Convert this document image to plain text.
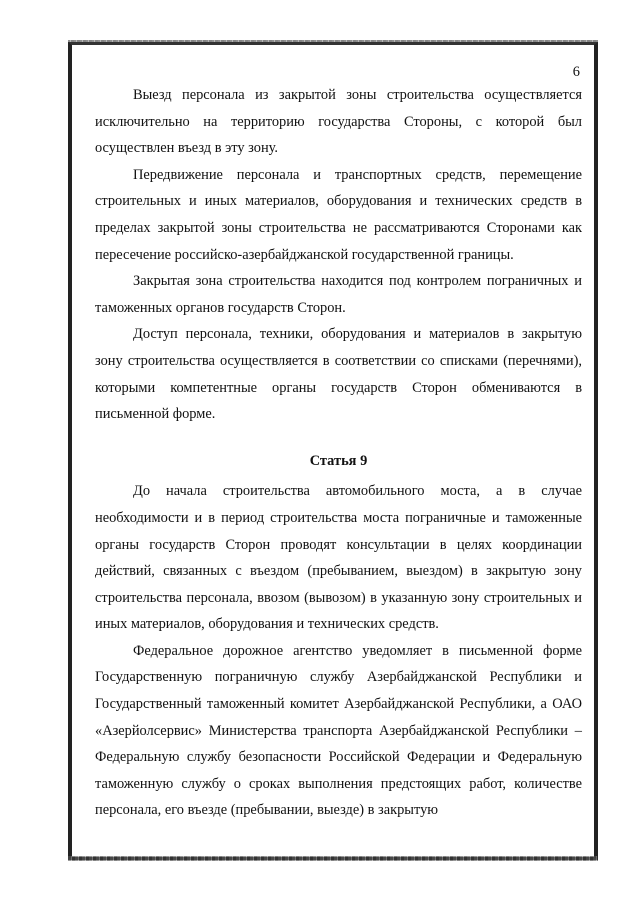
6

Выезд персонала из закрытой зоны строительства осуществляется исключительно на территорию государства Стороны, с которой был осуществлен въезд в эту зону.

Передвижение персонала и транспортных средств, перемещение строительных и иных материалов, оборудования и технических средств в пределах закрытой зоны строительства не рассматриваются Сторонами как пересечение российско-азербайджанской государственной границы.

Закрытая зона строительства находится под контролем пограничных и таможенных органов государств Сторон.

Доступ персонала, техники, оборудования и материалов в закрытую зону строительства осуществляется в соответствии со списками (перечнями), которыми компетентные органы государств Сторон обмениваются в письменной форме.

Статья 9

До начала строительства автомобильного моста, а в случае необходимости и в период строительства моста пограничные и таможенные органы государств Сторон проводят консультации в целях координации действий, связанных с въездом (пребыванием, выездом) в закрытую зону строительства персонала, ввозом (вывозом) в указанную зону строительных и иных материалов, оборудования и технических средств.

Федеральное дорожное агентство уведомляет в письменной форме Государственную пограничную службу Азербайджанской Республики и Государственный таможенный комитет Азербайджанской Республики, а ОАО «Азерйолсервис» Министерства транспорта Азербайджанской Республики – Федеральную службу безопасности Российской Федерации и Федеральную таможенную службу о сроках выполнения предстоящих работ, количестве персонала, его въезде (пребывании, выезде) в закрытую
